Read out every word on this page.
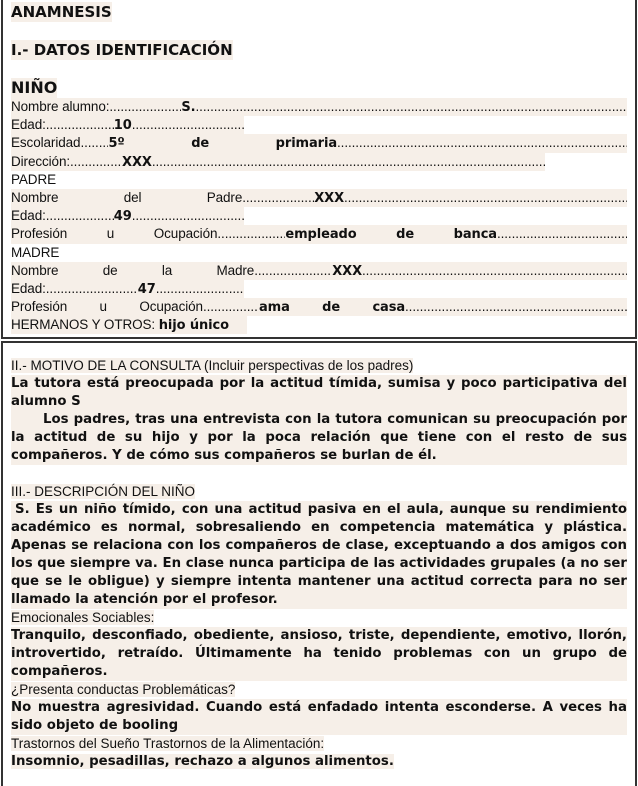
ANAMNESIS
I.- DATOS IDENTIFICACIÓN
NIÑO
Nombre alumno: .....	S.
.....
Edad: .....	10
.....
Escolaridad ..... 5º	de	primaria
.....
Dirección: .....	XXX
.....
PADRE
Nombre	del	Padre .....	XXX
.....
Edad: .....	49
.....
Profesión	u	Ocupación .....	empleado	de	banca
.....
MADRE
Nombre	de	la	Madre .....	XXX
.....
Edad: .....	47
.....
Profesión u Ocupación .....	ama de casa
.....
HERMANOS Y OTROS:
hijo único
II.- MOTIVO DE LA CONSULTA (Incluir perspectivas de los padres)
La tutora está preocupada por la actitud tímida, sumisa y poco participativa del alumno S
Los padres, tras una entrevista con la tutora comunican su preocupación por la actitud de su hijo y por la poca relación que tiene con el resto de sus compañeros. Y de cómo sus compañeros se burlan de él.
III.- DESCRIPCIÓN DEL NIÑO
S. Es un niño tímido, con una actitud pasiva en el aula, aunque su rendimiento académico es normal, sobresaliendo en competencia matemática y plástica. Apenas se relaciona con los compañeros de clase, exceptuando a dos amigos con los que siempre va. En clase nunca participa de las actividades grupales (a no ser que se le obligue) y siempre intenta mantener una actitud correcta para no ser llamado la atención por el profesor.
Emocionales Sociables:
Tranquilo, desconfiado, obediente, ansioso, triste, dependiente, emotivo, llorón, introvertido, retraído. Últimamente ha tenido problemas con un grupo de compañeros.
¿Presenta conductas Problemáticas?
No muestra agresividad. Cuando está enfadado intenta esconderse. A veces ha sido objeto de booling
Trastornos del Sueño Trastornos de la Alimentación:
Insomnio, pesadillas, rechazo a algunos alimentos.
